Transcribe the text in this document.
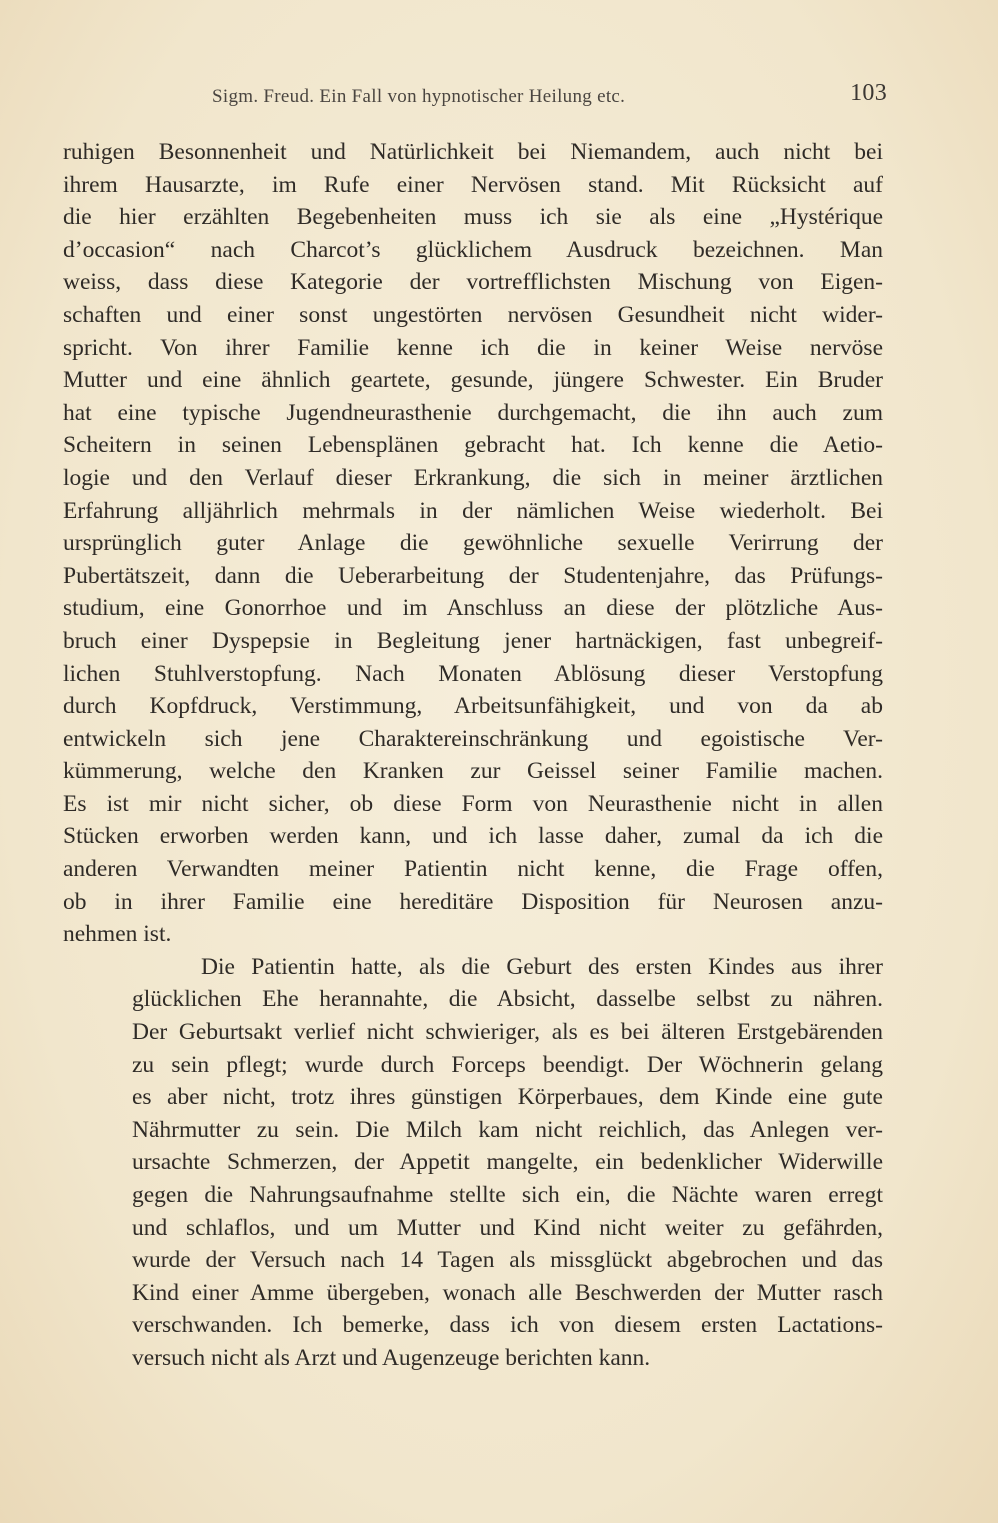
Sigm. Freud. Ein Fall von hypnotischer Heilung etc.	103

ruhigen Besonnenheit und Natürlichkeit bei Niemandem, auch nicht bei
ihrem Hausarzte, im Rufe einer Nervösen stand. Mit Rücksicht auf
die hier erzählten Begebenheiten muss ich sie als eine „Hystérique
d’occasion“ nach Charcot’s glücklichem Ausdruck bezeichnen. Man
weiss, dass diese Kategorie der vortrefflichsten Mischung von Eigen-
schaften und einer sonst ungestörten nervösen Gesundheit nicht wider-
spricht. Von ihrer Familie kenne ich die in keiner Weise nervöse
Mutter und eine ähnlich geartete, gesunde, jüngere Schwester. Ein Bruder
hat eine typische Jugendneurasthenie durchgemacht, die ihn auch zum
Scheitern in seinen Lebensplänen gebracht hat. Ich kenne die Aetio-
logie und den Verlauf dieser Erkrankung, die sich in meiner ärztlichen
Erfahrung alljährlich mehrmals in der nämlichen Weise wiederholt. Bei
ursprünglich guter Anlage die gewöhnliche sexuelle Verirrung der
Pubertätszeit, dann die Ueberarbeitung der Studentenjahre, das Prüfungs-
studium, eine Gonorrhoe und im Anschluss an diese der plötzliche Aus-
bruch einer Dyspepsie in Begleitung jener hartnäckigen, fast unbegreif-
lichen Stuhlverstopfung. Nach Monaten Ablösung dieser Verstopfung
durch Kopfdruck, Verstimmung, Arbeitsunfähigkeit, und von da ab
entwickeln sich jene Charaktereinschränkung und egoistische Ver-
kümmerung, welche den Kranken zur Geissel seiner Familie machen.
Es ist mir nicht sicher, ob diese Form von Neurasthenie nicht in allen
Stücken erworben werden kann, und ich lasse daher, zumal da ich die
anderen Verwandten meiner Patientin nicht kenne, die Frage offen,
ob in ihrer Familie eine hereditäre Disposition für Neurosen anzu-
nehmen ist.

Die Patientin hatte, als die Geburt des ersten Kindes aus ihrer
glücklichen Ehe herannahte, die Absicht, dasselbe selbst zu nähren.
Der Geburtsakt verlief nicht schwieriger, als es bei älteren Erstgebärenden
zu sein pflegt; wurde durch Forceps beendigt. Der Wöchnerin gelang
es aber nicht, trotz ihres günstigen Körperbaues, dem Kinde eine gute
Nährmutter zu sein. Die Milch kam nicht reichlich, das Anlegen ver-
ursachte Schmerzen, der Appetit mangelte, ein bedenklicher Widerwille
gegen die Nahrungsaufnahme stellte sich ein, die Nächte waren erregt
und schlaflos, und um Mutter und Kind nicht weiter zu gefährden,
wurde der Versuch nach 14 Tagen als missglückt abgebrochen und das
Kind einer Amme übergeben, wonach alle Beschwerden der Mutter rasch
verschwanden. Ich bemerke, dass ich von diesem ersten Lactations-
versuch nicht als Arzt und Augenzeuge berichten kann.
